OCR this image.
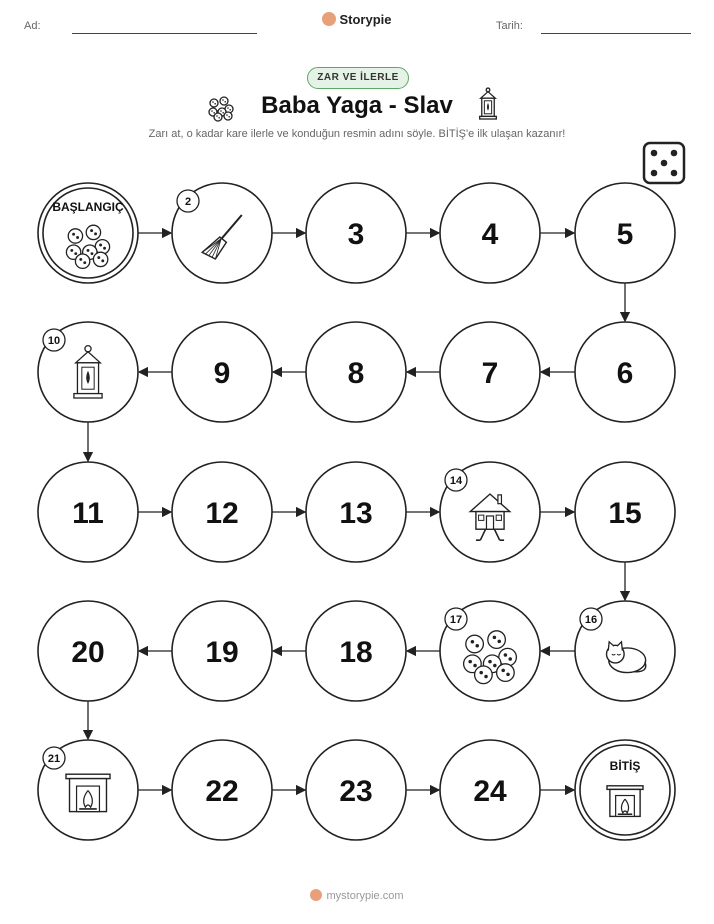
Ad:	Storypie	Tarih:
ZAR VE İLERLE
Baba Yaga - Slav
Zarı at, o kadar kare ilerle ve konduğun resmin adını söyle. BİTİŞ'e ilk ulaşan kazanır!
BAŞLANGIÇ	2
3	4	5
6
7
8
9
10
11	12	13
14
15
16
17
18
19
20
21
22	23	24
BİTİŞ
mystorypie.com
